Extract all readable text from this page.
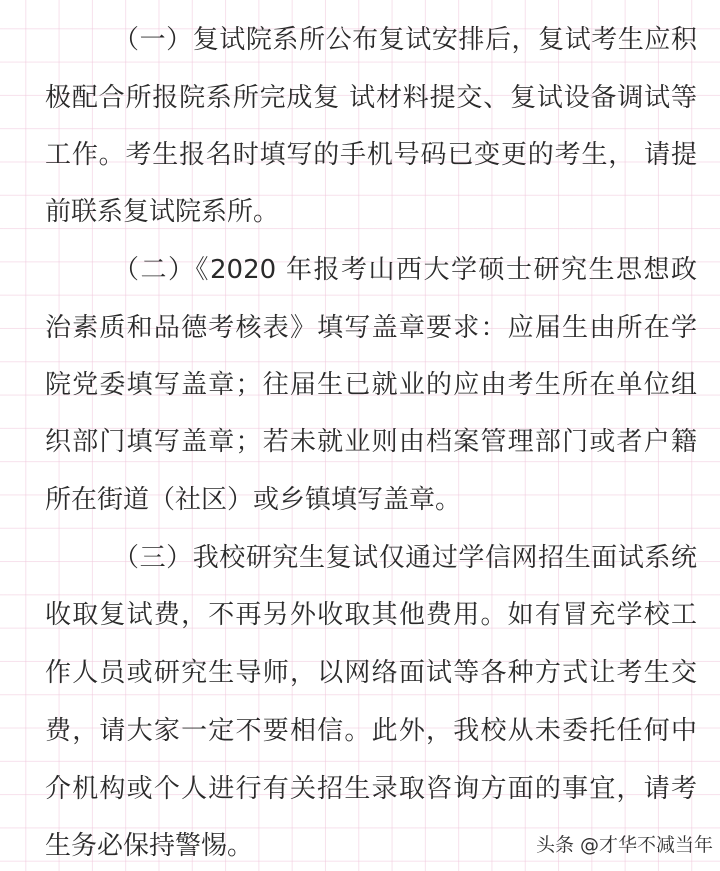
（一）复试院系所公布复试安排后，复试考生应积
极配合所报院系所完成复 试材料提交、复试设备调试等
工作。考生报名时填写的手机号码已变更的考生， 请提
前联系复试院系所。
（二）《2020 年报考山西大学硕士研究生思想政
治素质和品德考核表》填写盖章要求：应届生由所在学
院党委填写盖章；往届生已就业的应由考生所在单位组
织部门填写盖章；若未就业则由档案管理部门或者户籍
所在街道（社区）或乡镇填写盖章。
（三）我校研究生复试仅通过学信网招生面试系统
收取复试费，不再另外收取其他费用。如有冒充学校工
作人员或研究生导师，以网络面试等各种方式让考生交
费，请大家一定不要相信。此外，我校从未委托任何中
介机构或个人进行有关招生录取咨询方面的事宜，请考
生务必保持警惕。	头条 @才华不减当年
